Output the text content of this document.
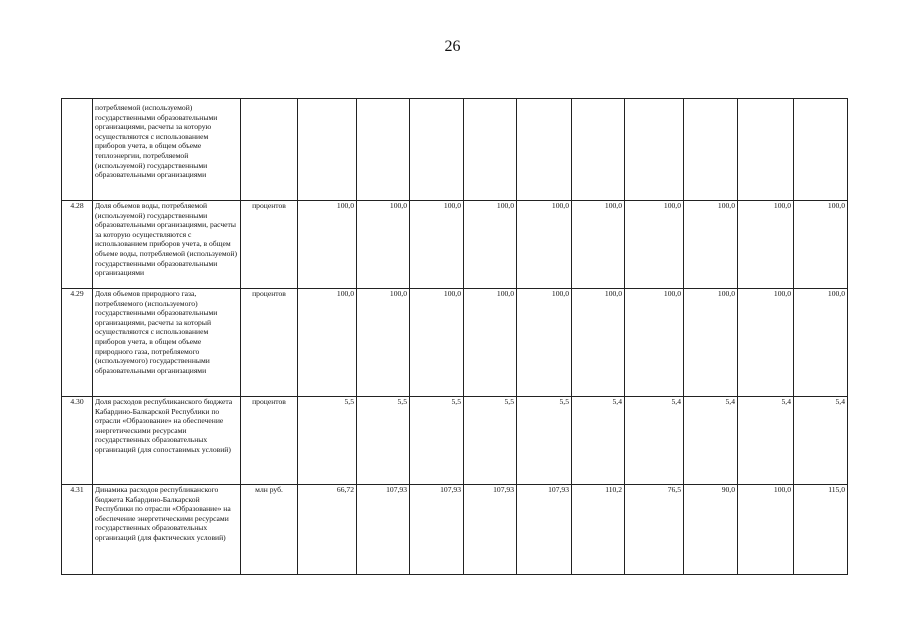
26
	потребляемой (используемой) государственными образовательными организациями, расчеты за которую осуществляются с использованием приборов учета, в общем объеме теплоэнергии, потребляемой (используемой) государственными образовательными организациями											
4.28	Доля объемов воды, потребляемой (используемой) государственными образовательными организациями, расчеты за которую осуществляются с использованием приборов учета, в общем объеме воды, потребляемой (используемой) государственными образовательными организациями	процентов	100,0	100,0	100,0	100,0	100,0	100,0	100,0	100,0	100,0	100,0
4.29	Доля объемов природного газа, потребляемого (используемого) государственными образовательными организациями, расчеты за который осуществляются с использованием приборов учета, в общем объеме природного газа, потребляемого (используемого) государственными образовательными организациями	процентов	100,0	100,0	100,0	100,0	100,0	100,0	100,0	100,0	100,0	100,0
4.30	Доля расходов республиканского бюджета Кабардино-Балкарской Республики по отрасли «Образование» на обеспечение энергетическими ресурсами государственных образовательных организаций (для сопоставимых условий)	процентов	5,5	5,5	5,5	5,5	5,5	5,4	5,4	5,4	5,4	5,4
4.31	Динамика расходов республиканского бюджета Кабардино-Балкарской Республики по отрасли «Образование» на обеспечение энергетическими ресурсами государственных образовательных организаций (для фактических условий)	млн руб.	66,72	107,93	107,93	107,93	107,93	110,2	76,5	90,0	100,0	115,0
